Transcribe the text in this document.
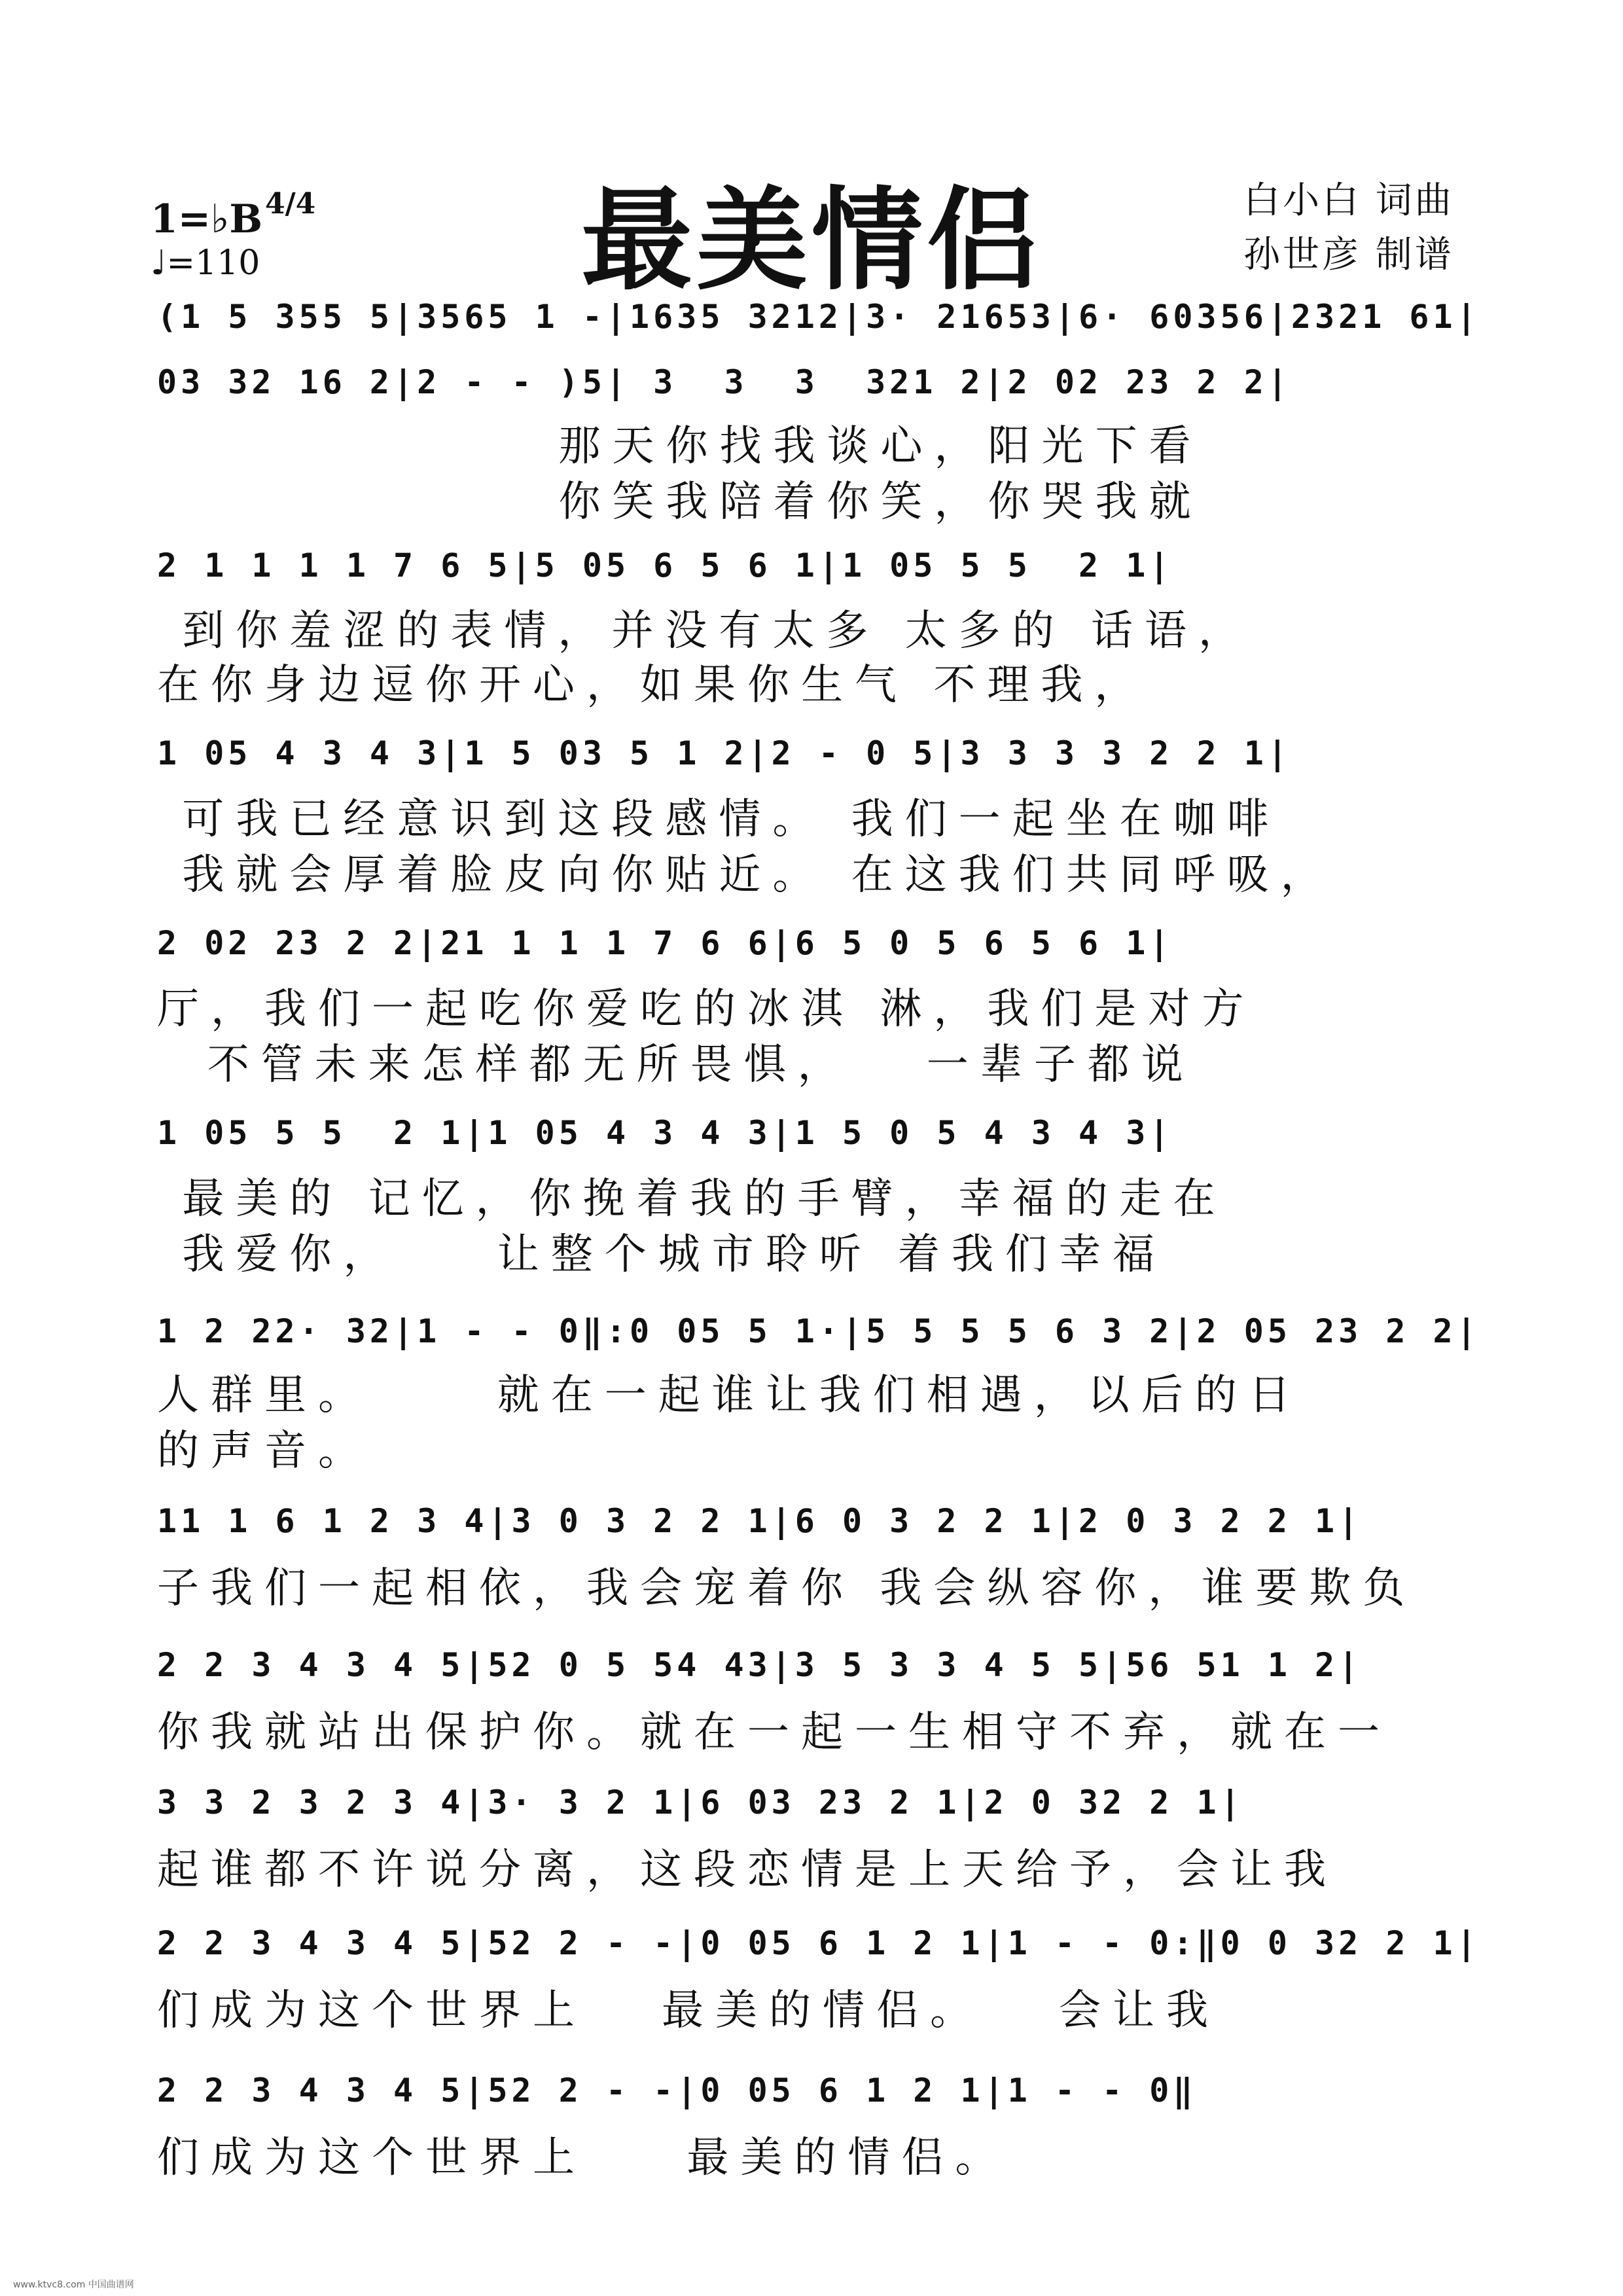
最美情侣
1=♭B 4/4
♩=110
白小白 词曲
孙世彦 制谱
(1 5 355 5|3565 1 -|1635 3212|3· 21653|6· 60356|2321 61|
03 32 16 2|2 - - )5| 3  3  3  321 2|2 02 23 2 2|
那天你找我谈心，阳光下看
你笑我陪着你笑，你哭我就
2 1 1 1 1 7 6 5|5 05 6 5 6 1|1 05 5 5  2 1|
到你羞涩的表情，并没有太多 太多的 话语，
在你身边逗你开心，如果你生气 不理我，
1 05 4 3 4 3|1 5 03 5 1 2|2 - 0 5|3 3 3 3 2 2 1|
可我已经意识到这段感情。 我们一起坐在咖啡
我就会厚着脸皮向你贴近。 在这我们共同呼吸，
2 02 23 2 2|21 1 1 1 7 6 6|6 5 0 5 6 5 6 1|
厅，我们一起吃你爱吃的冰淇 淋，我们是对方
不管未来怎样都无所畏惧，   一辈子都说
1 05 5 5  2 1|1 05 4 3 4 3|1 5 0 5 4 3 4 3|
最美的 记忆，你挽着我的手臂，幸福的走在
我爱你，    让整个城市聆听 着我们幸福
1 2 22· 32|1 - - 0‖:0 05 5 1·|5 5 5 5 6 3 2|2 05 23 2 2|
人群里。     就在一起谁让我们相遇，以后的日
的声音。
11 1 6 1 2 3 4|3 0 3 2 2 1|6 0 3 2 2 1|2 0 3 2 2 1|
子我们一起相依，我会宠着你 我会纵容你，谁要欺负
2 2 3 4 3 4 5|52 0 5 54 43|3 5 3 3 4 5 5|56 51 1 2|
你我就站出保护你。就在一起一生相守不弃，就在一
3 3 2 3 2 3 4|3· 3 2 1|6 03 23 2 1|2 0 32 2 1|
起谁都不许说分离，这段恋情是上天给予，会让我
2 2 3 4 3 4 5|52 2 - -|0 05 6 1 2 1|1 - - 0:‖0 0 32 2 1|
们成为这个世界上   最美的情侣。   会让我
2 2 3 4 3 4 5|52 2 - -|0 05 6 1 2 1|1 - - 0‖
们成为这个世界上    最美的情侣。
www.ktvc8.com 中国曲谱网
